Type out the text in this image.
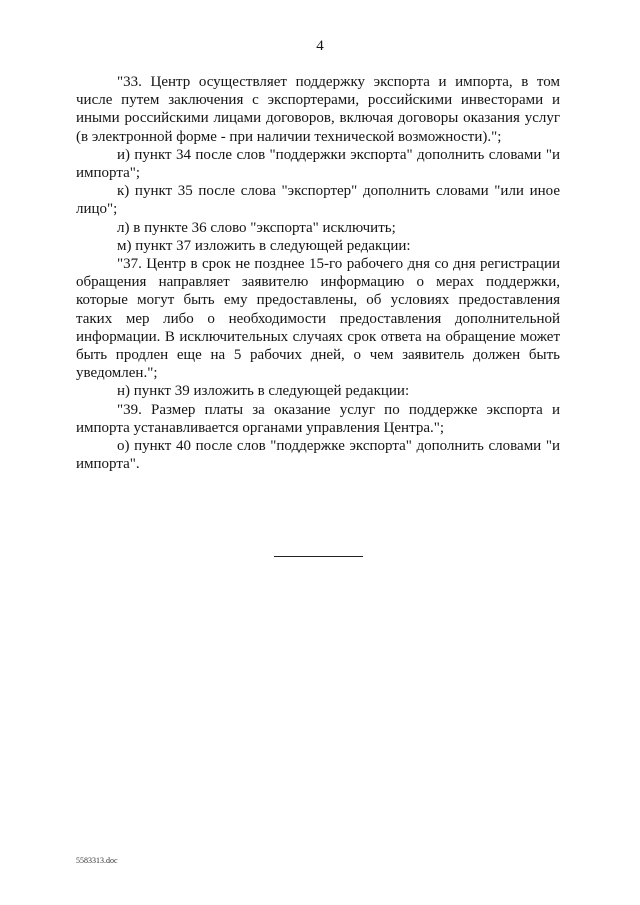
4

"33. Центр осуществляет поддержку экспорта и импорта, в том числе путем заключения с экспортерами, российскими инвесторами и иными российскими лицами договоров, включая договоры оказания услуг (в электронной форме - при наличии технической возможности).";

и) пункт 34 после слов "поддержки экспорта" дополнить словами "и импорта";

к) пункт 35 после слова "экспортер" дополнить словами "или иное лицо";

л) в пункте 36 слово "экспорта" исключить;

м) пункт 37 изложить в следующей редакции:

"37. Центр в срок не позднее 15-го рабочего дня со дня регистрации обращения направляет заявителю информацию о мерах поддержки, которые могут быть ему предоставлены, об условиях предоставления таких мер либо о необходимости предоставления дополнительной информации. В исключительных случаях срок ответа на обращение может быть продлен еще на 5 рабочих дней, о чем заявитель должен быть уведомлен.";

н) пункт 39 изложить в следующей редакции:

"39. Размер платы за оказание услуг по поддержке экспорта и импорта устанавливается органами управления Центра.";

о) пункт 40 после слов "поддержке экспорта" дополнить словами "и импорта".

5583313.doc
